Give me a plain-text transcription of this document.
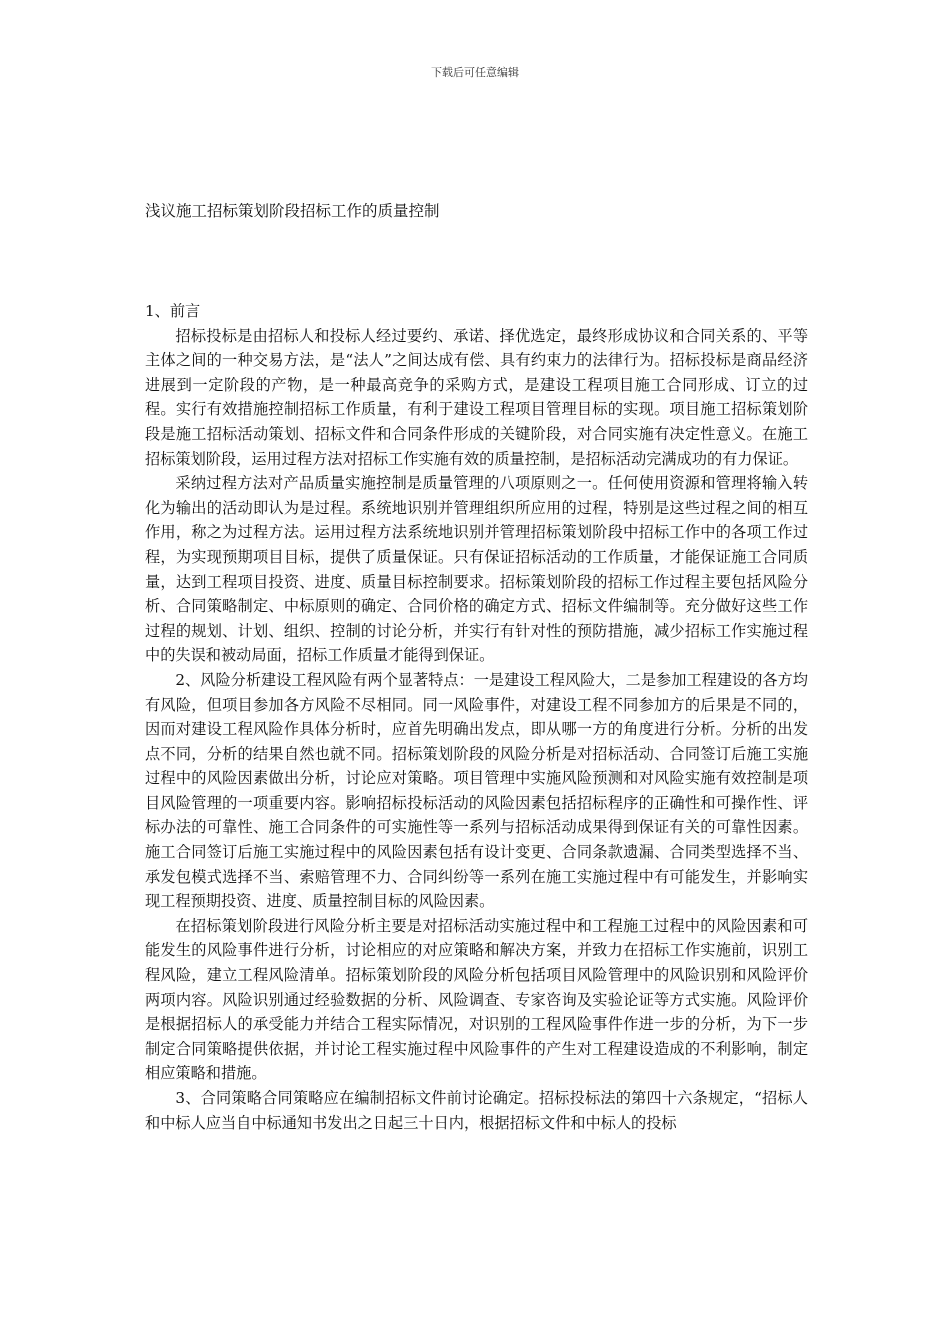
下载后可任意编辑
浅议施工招标策划阶段招标工作的质量控制

1、前言

招标投标是由招标人和投标人经过要约、承诺、择优选定，最终形成协议和合同关系的、平等主体之间的一种交易方法，是“法人”之间达成有偿、具有约束力的法律行为。招标投标是商品经济进展到一定阶段的产物，是一种最高竞争的采购方式，是建设工程项目施工合同形成、订立的过程。实行有效措施控制招标工作质量，有利于建设工程项目管理目标的实现。项目施工招标策划阶段是施工招标活动策划、招标文件和合同条件形成的关键阶段，对合同实施有决定性意义。在施工招标策划阶段，运用过程方法对招标工作实施有效的质量控制，是招标活动完满成功的有力保证。

采纳过程方法对产品质量实施控制是质量管理的八项原则之一。任何使用资源和管理将输入转化为输出的活动即认为是过程。系统地识别并管理组织所应用的过程，特别是这些过程之间的相互作用，称之为过程方法。运用过程方法系统地识别并管理招标策划阶段中招标工作中的各项工作过程，为实现预期项目目标，提供了质量保证。只有保证招标活动的工作质量，才能保证施工合同质量，达到工程项目投资、进度、质量目标控制要求。招标策划阶段的招标工作过程主要包括风险分析、合同策略制定、中标原则的确定、合同价格的确定方式、招标文件编制等。充分做好这些工作过程的规划、计划、组织、控制的讨论分析，并实行有针对性的预防措施，减少招标工作实施过程中的失误和被动局面，招标工作质量才能得到保证。

2、风险分析建设工程风险有两个显著特点：一是建设工程风险大，二是参加工程建设的各方均有风险，但项目参加各方风险不尽相同。同一风险事件，对建设工程不同参加方的后果是不同的，因而对建设工程风险作具体分析时，应首先明确出发点，即从哪一方的角度进行分析。分析的出发点不同，分析的结果自然也就不同。招标策划阶段的风险分析是对招标活动、合同签订后施工实施过程中的风险因素做出分析，讨论应对策略。项目管理中实施风险预测和对风险实施有效控制是项目风险管理的一项重要内容。影响招标投标活动的风险因素包括招标程序的正确性和可操作性、评标办法的可靠性、施工合同条件的可实施性等一系列与招标活动成果得到保证有关的可靠性因素。施工合同签订后施工实施过程中的风险因素包括有设计变更、合同条款遗漏、合同类型选择不当、承发包模式选择不当、索赔管理不力、合同纠纷等一系列在施工实施过程中有可能发生，并影响实现工程预期投资、进度、质量控制目标的风险因素。

在招标策划阶段进行风险分析主要是对招标活动实施过程中和工程施工过程中的风险因素和可能发生的风险事件进行分析，讨论相应的对应策略和解决方案，并致力在招标工作实施前，识别工程风险，建立工程风险清单。招标策划阶段的风险分析包括项目风险管理中的风险识别和风险评价两项内容。风险识别通过经验数据的分析、风险调查、专家咨询及实验论证等方式实施。风险评价是根据招标人的承受能力并结合工程实际情况，对识别的工程风险事件作进一步的分析，为下一步制定合同策略提供依据，并讨论工程实施过程中风险事件的产生对工程建设造成的不利影响，制定相应策略和措施。

3、合同策略合同策略应在编制招标文件前讨论确定。招标投标法的第四十六条规定，“招标人和中标人应当自中标通知书发出之日起三十日内，根据招标文件和中标人的投标
